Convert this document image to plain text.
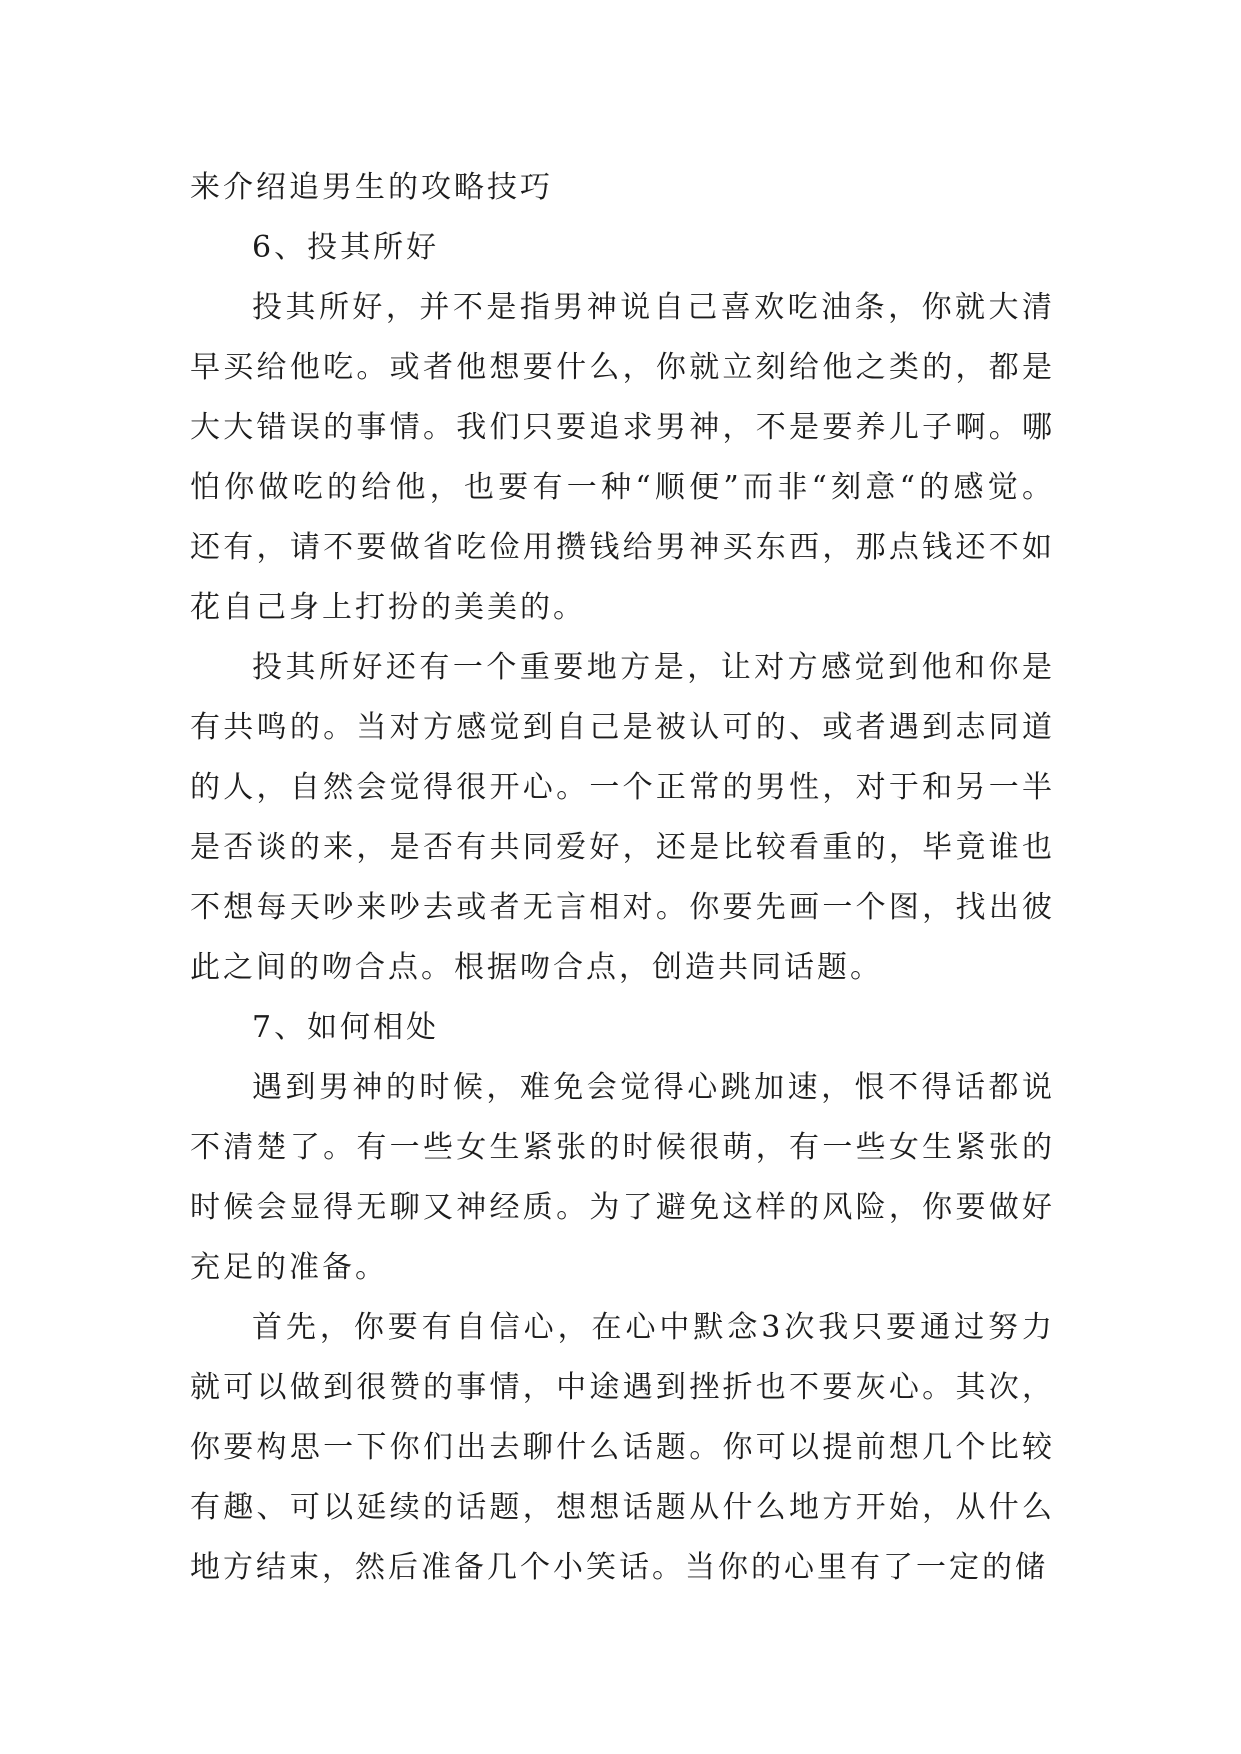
来介绍追男生的攻略技巧

6、投其所好

投其所好，并不是指男神说自己喜欢吃油条，你就大清早买给他吃。或者他想要什么，你就立刻给他之类的，都是大大错误的事情。我们只要追求男神，不是要养儿子啊。哪怕你做吃的给他，也要有一种“顺便”而非“刻意“的感觉。还有，请不要做省吃俭用攒钱给男神买东西，那点钱还不如花自己身上打扮的美美的。

投其所好还有一个重要地方是，让对方感觉到他和你是有共鸣的。当对方感觉到自己是被认可的、或者遇到志同道的人，自然会觉得很开心。一个正常的男性，对于和另一半是否谈的来，是否有共同爱好，还是比较看重的，毕竟谁也不想每天吵来吵去或者无言相对。你要先画一个图，找出彼此之间的吻合点。根据吻合点，创造共同话题。

7、如何相处

遇到男神的时候，难免会觉得心跳加速，恨不得话都说不清楚了。有一些女生紧张的时候很萌，有一些女生紧张的时候会显得无聊又神经质。为了避免这样的风险，你要做好充足的准备。

首先，你要有自信心，在心中默念3次我只要通过努力就可以做到很赞的事情，中途遇到挫折也不要灰心。其次，你要构思一下你们出去聊什么话题。你可以提前想几个比较有趣、可以延续的话题，想想话题从什么地方开始，从什么地方结束，然后准备几个小笑话。当你的心里有了一定的储
